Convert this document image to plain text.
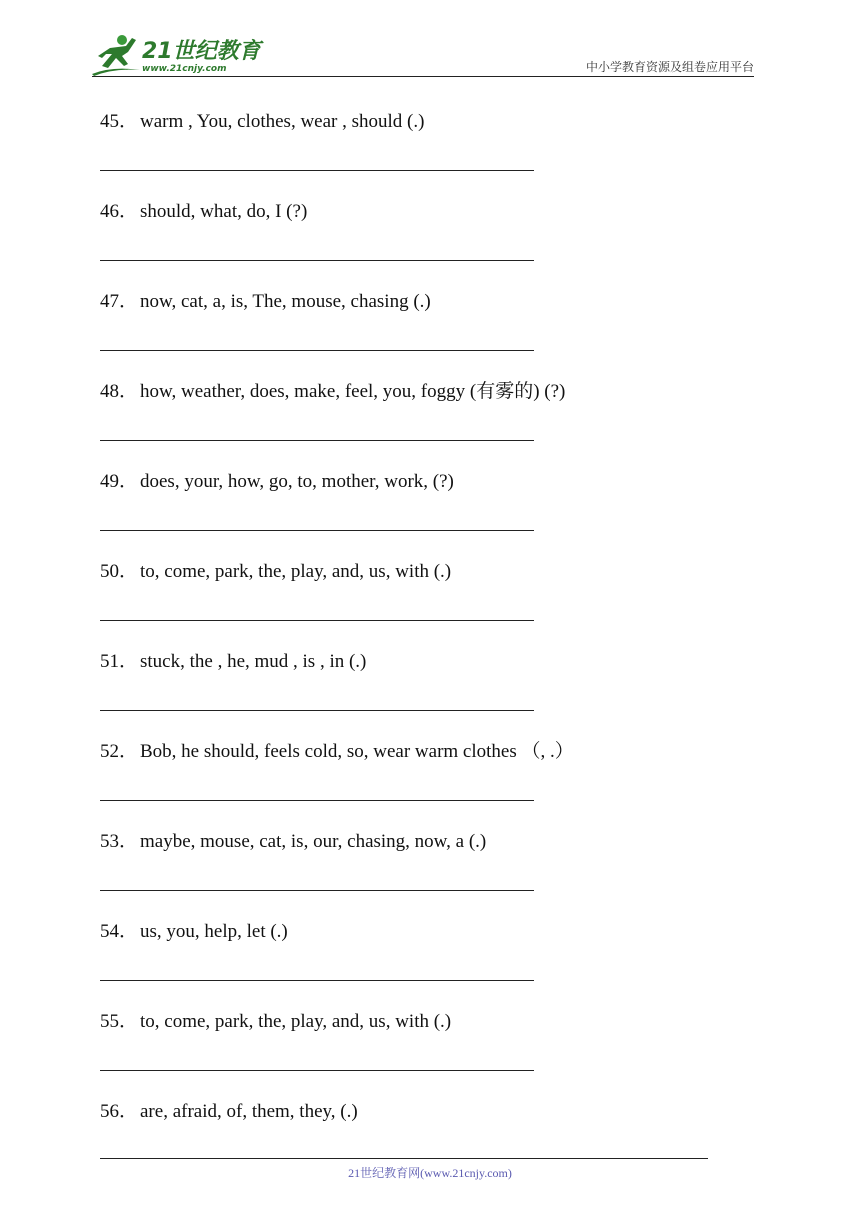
21世纪教育
www.21cnjy.com	中小学教育资源及组卷应用平台
45． warm , You, clothes, wear , should (.)
46． should, what, do, I (?)
47． now, cat, a, is, The, mouse, chasing (.)
48． how, weather, does, make, feel, you, foggy (有雾的) (?)
49． does, your, how, go, to, mother, work, (?)
50． to, come, park, the, play, and, us, with (.)
51． stuck, the , he, mud , is , in (.)
52． Bob, he should, feels cold, so, wear warm clothes （, .）
53． maybe, mouse, cat, is, our, chasing, now, a (.)
54． us, you, help, let (.)
55． to, come, park, the, play, and, us, with (.)
56． are, afraid, of, them, they, (.)
21世纪教育网(www.21cnjy.com)
